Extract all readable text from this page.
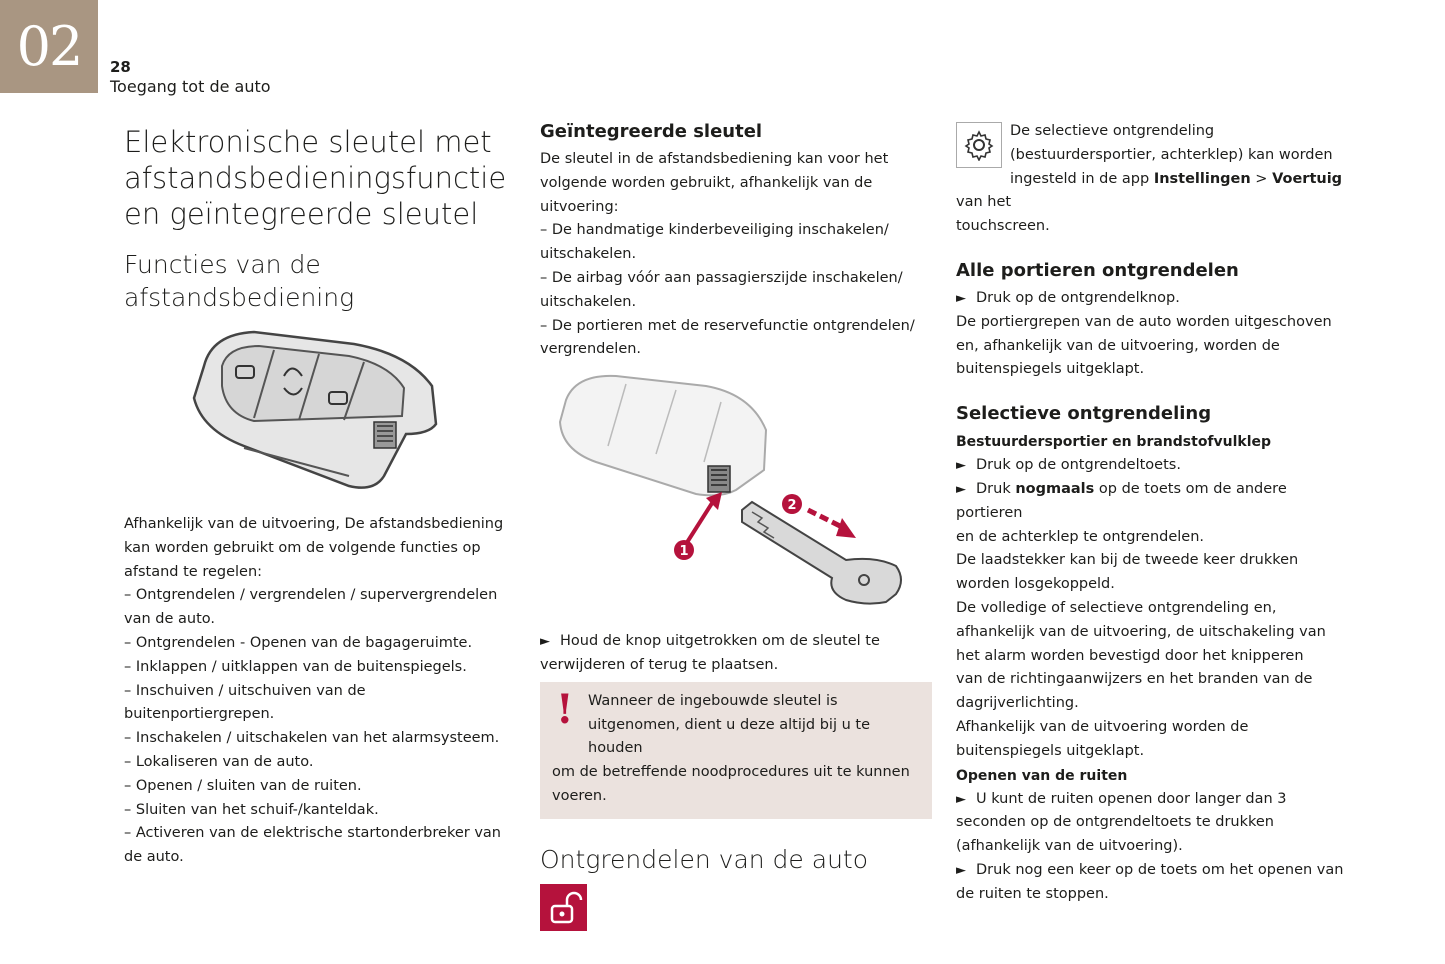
02	28
Toegang tot de auto
Elektronische sleutel met
afstandsbedieningsfunctie
en geïntegreerde sleutel
Functies van de
afstandsbediening
Afhankelijk van de uitvoering, De afstandsbediening
kan worden gebruikt om de volgende functies op
afstand te regelen:
– Ontgrendelen / vergrendelen / supervergrendelen
van de auto.
– Ontgrendelen - Openen van de bagageruimte.
– Inklappen / uitklappen van de buitenspiegels.
– Inschuiven / uitschuiven van de
buitenportiergrepen.
– Inschakelen / uitschakelen van het alarmsysteem.
– Lokaliseren van de auto.
– Openen / sluiten van de ruiten.
– Sluiten van het schuif-/kanteldak.
– Activeren van de elektrische startonderbreker van
de auto.
Geïntegreerde sleutel
De sleutel in de afstandsbediening kan voor het
volgende worden gebruikt, afhankelijk van de
uitvoering:
– De handmatige kinderbeveiliging inschakelen/
uitschakelen.
– De airbag vóór aan passagierszijde inschakelen/
uitschakelen.
– De portieren met de reservefunctie ontgrendelen/
vergrendelen.
1
2
► Houd de knop uitgetrokken om de sleutel te
verwijderen of terug te plaatsen.
! Wanneer de ingebouwde sleutel is
uitgenomen, dient u deze altijd bij u te houden
om de betreffende noodprocedures uit te kunnen
voeren.
Ontgrendelen van de auto
De selectieve ontgrendeling
(bestuurdersportier, achterklep) kan worden
ingesteld in de app Instellingen > Voertuig van het
touchscreen.
Alle portieren ontgrendelen
► Druk op de ontgrendelknop.
De portiergrepen van de auto worden uitgeschoven
en, afhankelijk van de uitvoering, worden de
buitenspiegels uitgeklapt.
Selectieve ontgrendeling
Bestuurdersportier en brandstofvulklep
► Druk op de ontgrendeltoets.
► Druk nogmaals op de toets om de andere portieren
en de achterklep te ontgrendelen.
De laadstekker kan bij de tweede keer drukken
worden losgekoppeld.
De volledige of selectieve ontgrendeling en,
afhankelijk van de uitvoering, de uitschakeling van
het alarm worden bevestigd door het knipperen
van de richtingaanwijzers en het branden van de
dagrijverlichting.
Afhankelijk van de uitvoering worden de
buitenspiegels uitgeklapt.
Openen van de ruiten
► U kunt de ruiten openen door langer dan 3
seconden op de ontgrendeltoets te drukken
(afhankelijk van de uitvoering).
► Druk nog een keer op de toets om het openen van
de ruiten te stoppen.
